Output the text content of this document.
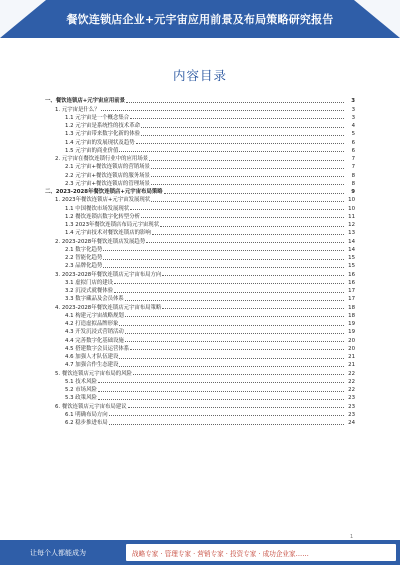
餐饮连锁店企业+元宇宙应用前景及布局策略研究报告
内容目录
一、餐饮连锁店+元宇宙应用前景	3
1. 元宇宙是什么？	3
1.1 元宇宙是一个概念集合	3
1.2 元宇宙是系统性的技术革命	4
1.3 元宇宙带来数字化新的体验	5
1.4 元宇宙的发展现状及趋势	6
1.5 元宇宙的商业价值	6
2. 元宇宙在餐饮连锁行业中的应用场景	7
2.1 元宇宙+餐饮连锁店的营销场景	7
2.2 元宇宙+餐饮连锁店的服务场景	8
2.3 元宇宙+餐饮连锁店的管理场景	8
二、2023-2028年餐饮连锁店+元宇宙布局策略	9
1. 2023年餐饮连锁店+元宇宙发展现状	10
1.1 中国餐饮市场发展现状	10
1.2 餐饮连锁店数字化转型分析	11
1.3 2023年餐饮连锁店布局元宇宙现状	12
1.4 元宇宙技术对餐饮连锁店的影响	13
2. 2023-2028年餐饮连锁店发展趋势	14
2.1 数字化趋势	14
2.2 智能化趋势	15
2.3 品牌化趋势	15
3. 2023-2028年餐饮连锁店元宇宙布局方向	16
3.1 虚拟门店的建设	16
3.2 沉浸式就餐体验	17
3.3 数字藏品及会员体系	17
4. 2023-2028年餐饮连锁店元宇宙布局策略	18
4.1 构建元宇宙战略规划	18
4.2 打造虚拟品牌形象	19
4.3 开发沉浸式营销活动	19
4.4 完善数字化基础设施	20
4.5 搭建数字会员运营体系	20
4.6 加强人才队伍建设	21
4.7 加强合作生态建设	21
5. 餐饮连锁店元宇宙布局的风险	22
5.1 技术风险	22
5.2 市场风险	22
5.3 政策风险	23
6. 餐饮连锁店元宇宙布局建议	23
6.1 明确布局方向	23
6.2 稳步推进布局	24
1
让每个人都能成为	战略专家 · 管理专家 · 营销专家 · 投资专家 · 成功企业家……
